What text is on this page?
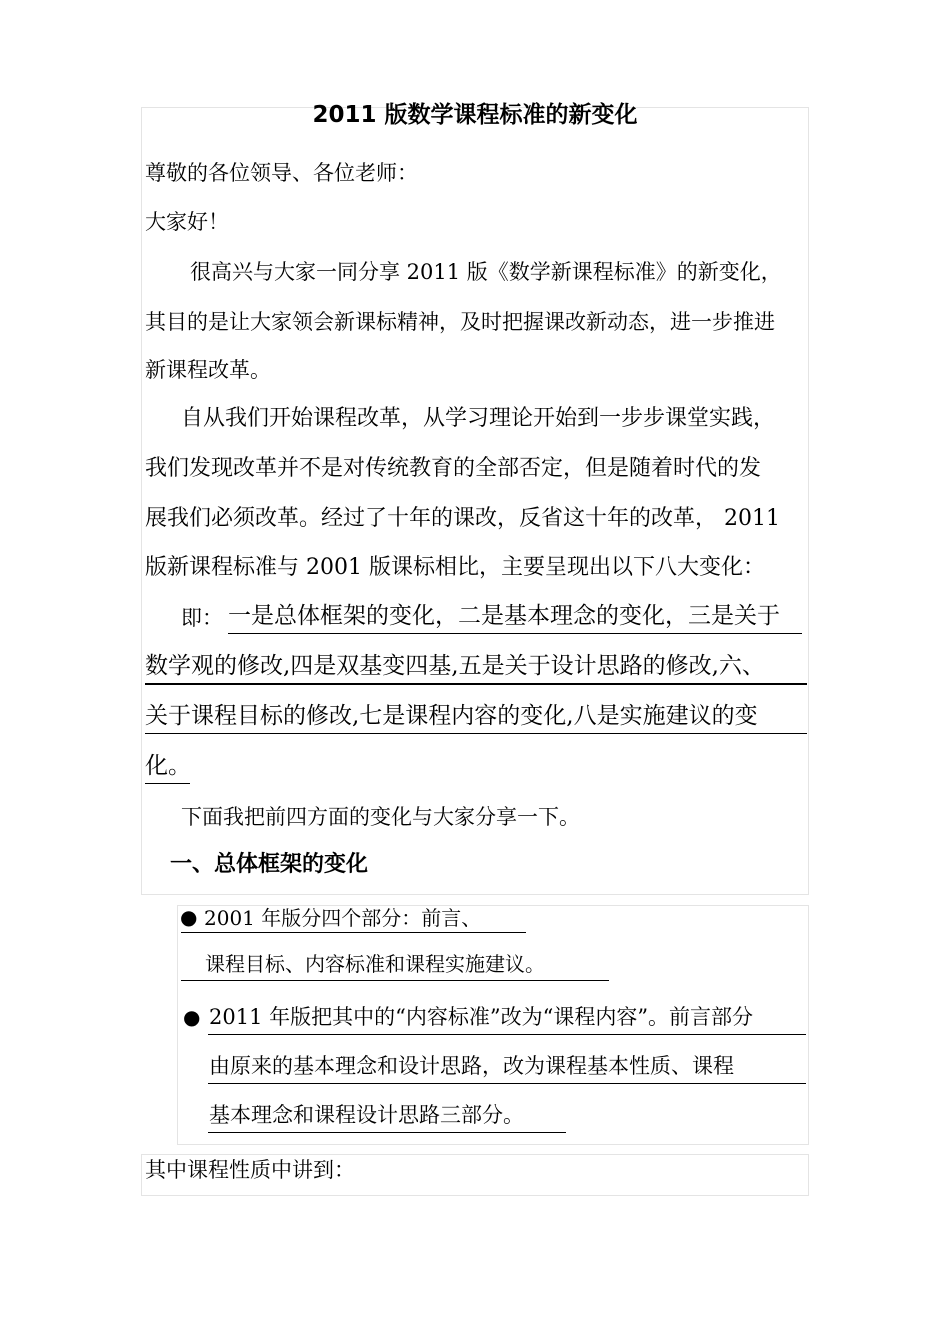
2011 版数学课程标准的新变化
尊敬的各位领导、各位老师：
大家好！
很高兴与大家一同分享 2011 版《数学新课程标准》的新变化，
其目的是让大家领会新课标精神，及时把握课改新动态，进一步推进
新课程改革。
自从我们开始课程改革，从学习理论开始到一步步课堂实践，
我们发现改革并不是对传统教育的全部否定，但是随着时代的发
展我们必须改革。经过了十年的课改，反省这十年的改革， 2011
版新课程标准与 2001 版课标相比，主要呈现出以下八大变化：
即： 一是总体框架的变化，二是基本理念的变化，三是关于
数学观的修改,四是双基变四基,五是关于设计思路的修改,六、
关于课程目标的修改,七是课程内容的变化,八是实施建议的变
化。
下面我把前四方面的变化与大家分享一下。
一、总体框架的变化
● 2001 年版分四个部分：前言、
课程目标、内容标准和课程实施建议。
● 2011 年版把其中的“内容标准”改为“课程内容”。前言部分
由原来的基本理念和设计思路，改为课程基本性质、课程
基本理念和课程设计思路三部分。
其中课程性质中讲到：
